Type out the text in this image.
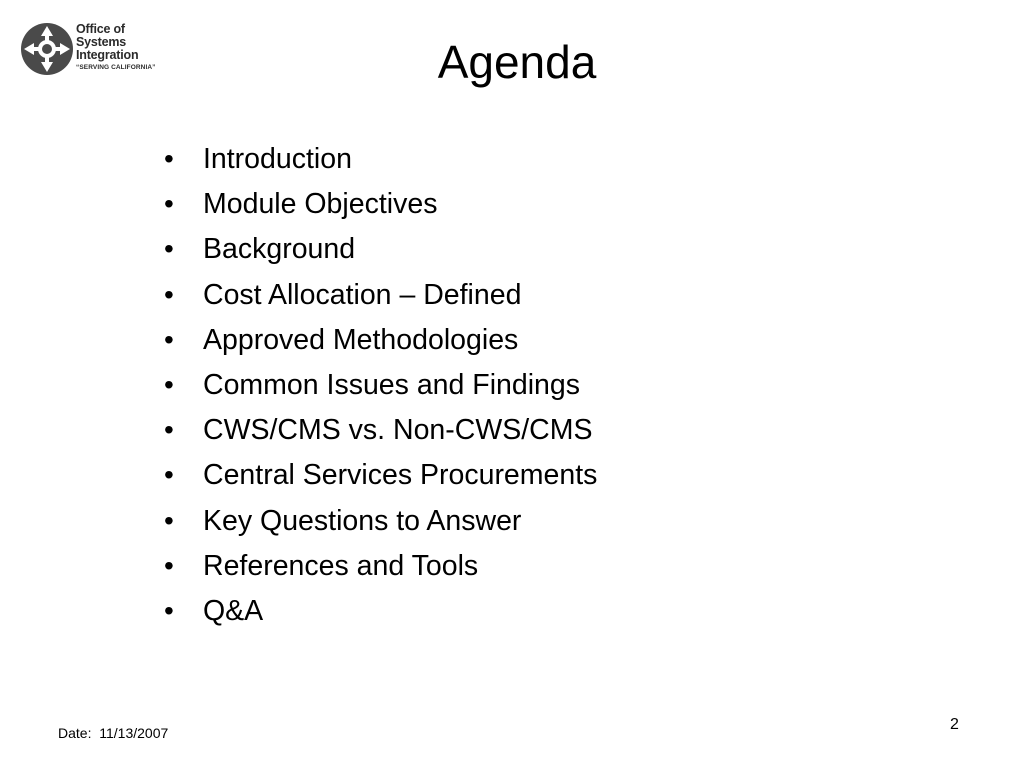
Office of
Systems
Integration
“SERVING CALIFORNIA”	Agenda
• Introduction
• Module Objectives
• Background
• Cost Allocation – Defined
• Approved Methodologies
• Common Issues and Findings
• CWS/CMS vs. Non-CWS/CMS
• Central Services Procurements
• Key Questions to Answer
• References and Tools
• Q&A
Date:  11/13/2007	2
